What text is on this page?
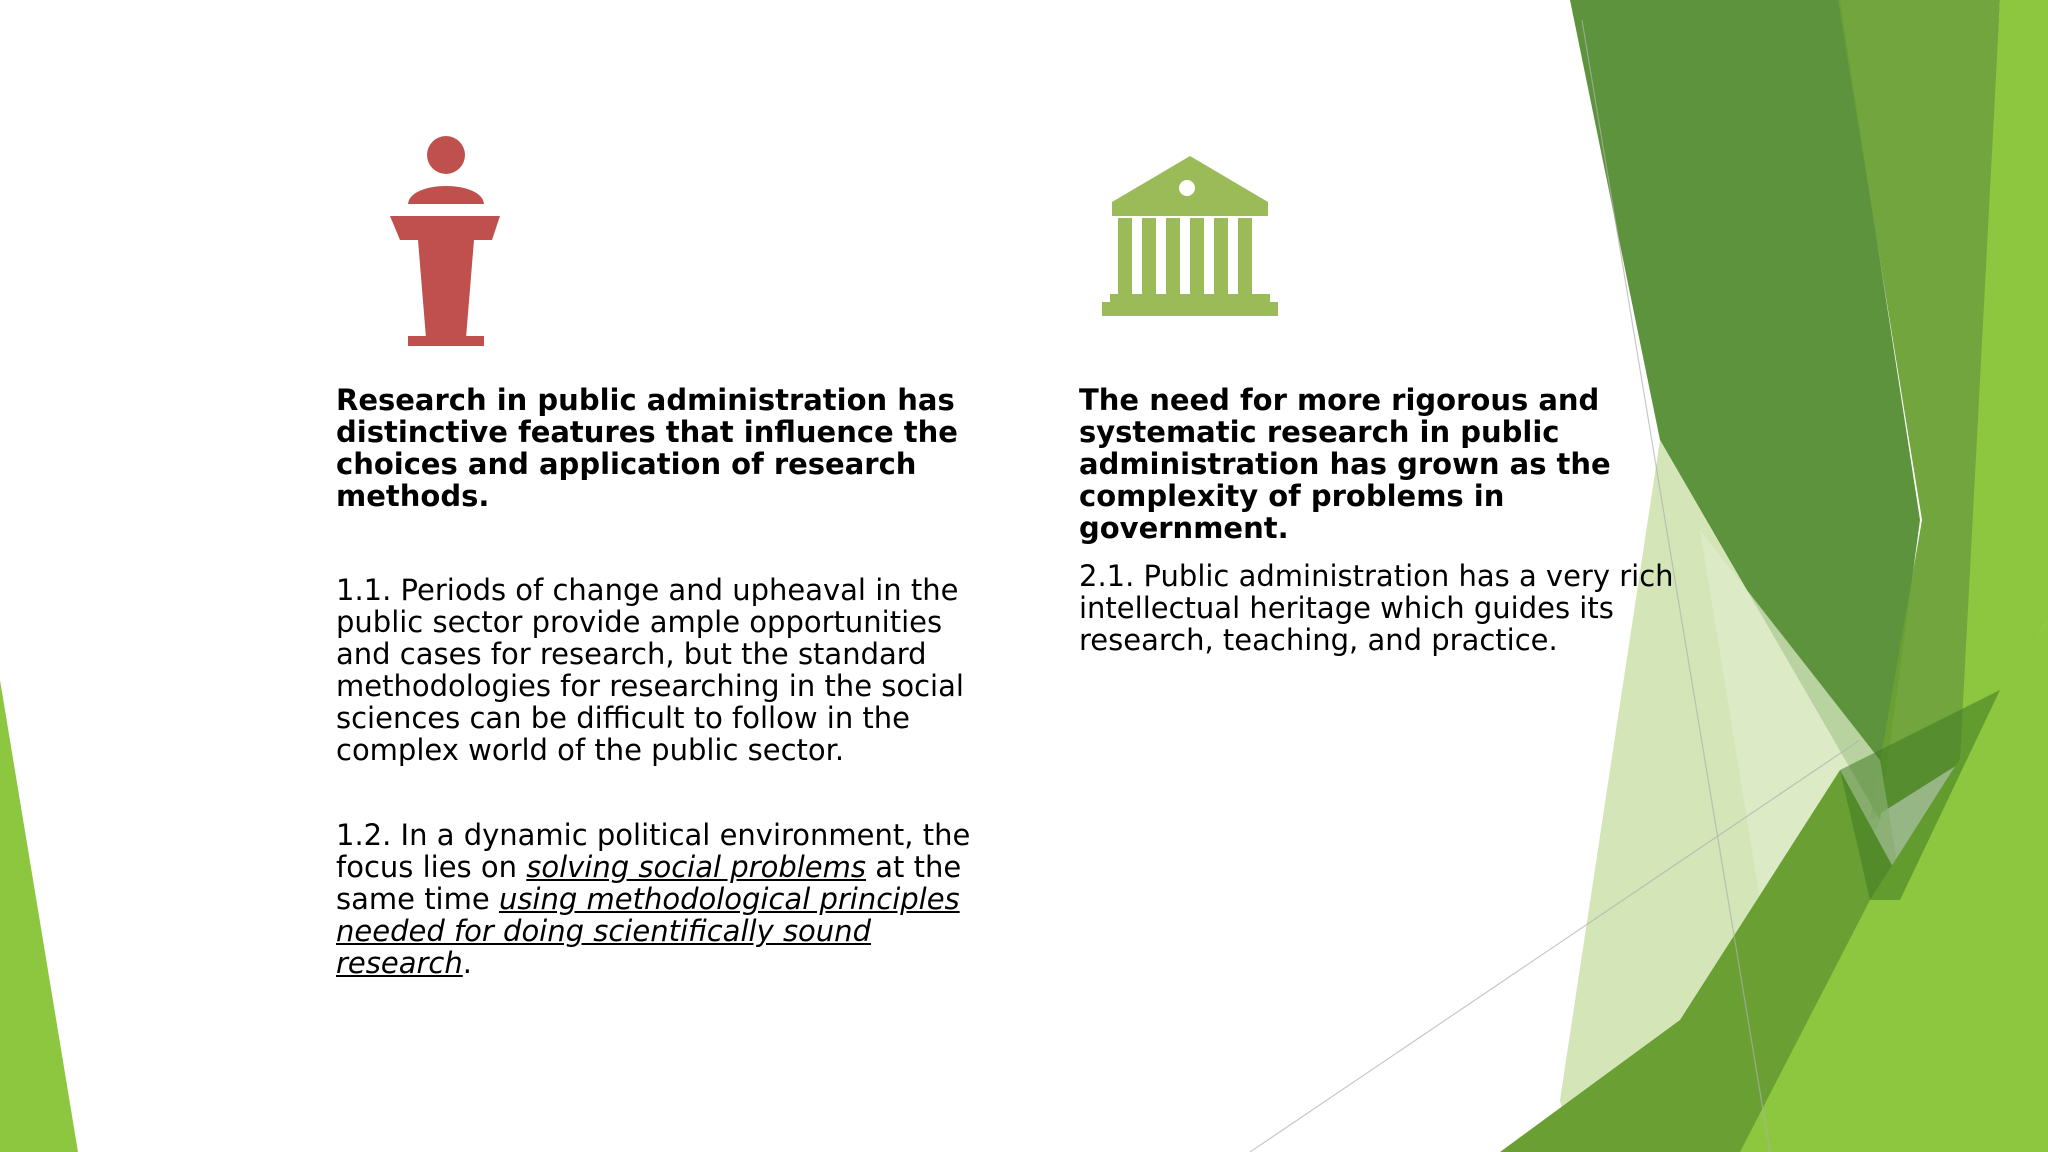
Research in public administration has distinctive features that influence the choices and application of research methods.

1.1. Periods of change and upheaval in the public sector provide ample opportunities and cases for research, but the standard methodologies for researching in the social sciences can be difficult to follow in the complex world of the public sector.

1.2. In a dynamic political environment, the focus lies on solving social problems at the same time using methodological principles needed for doing scientifically sound research.

The need for more rigorous and systematic research in public administration has grown as the complexity of problems in government.

2.1. Public administration has a very rich intellectual heritage which guides its research, teaching, and practice.
